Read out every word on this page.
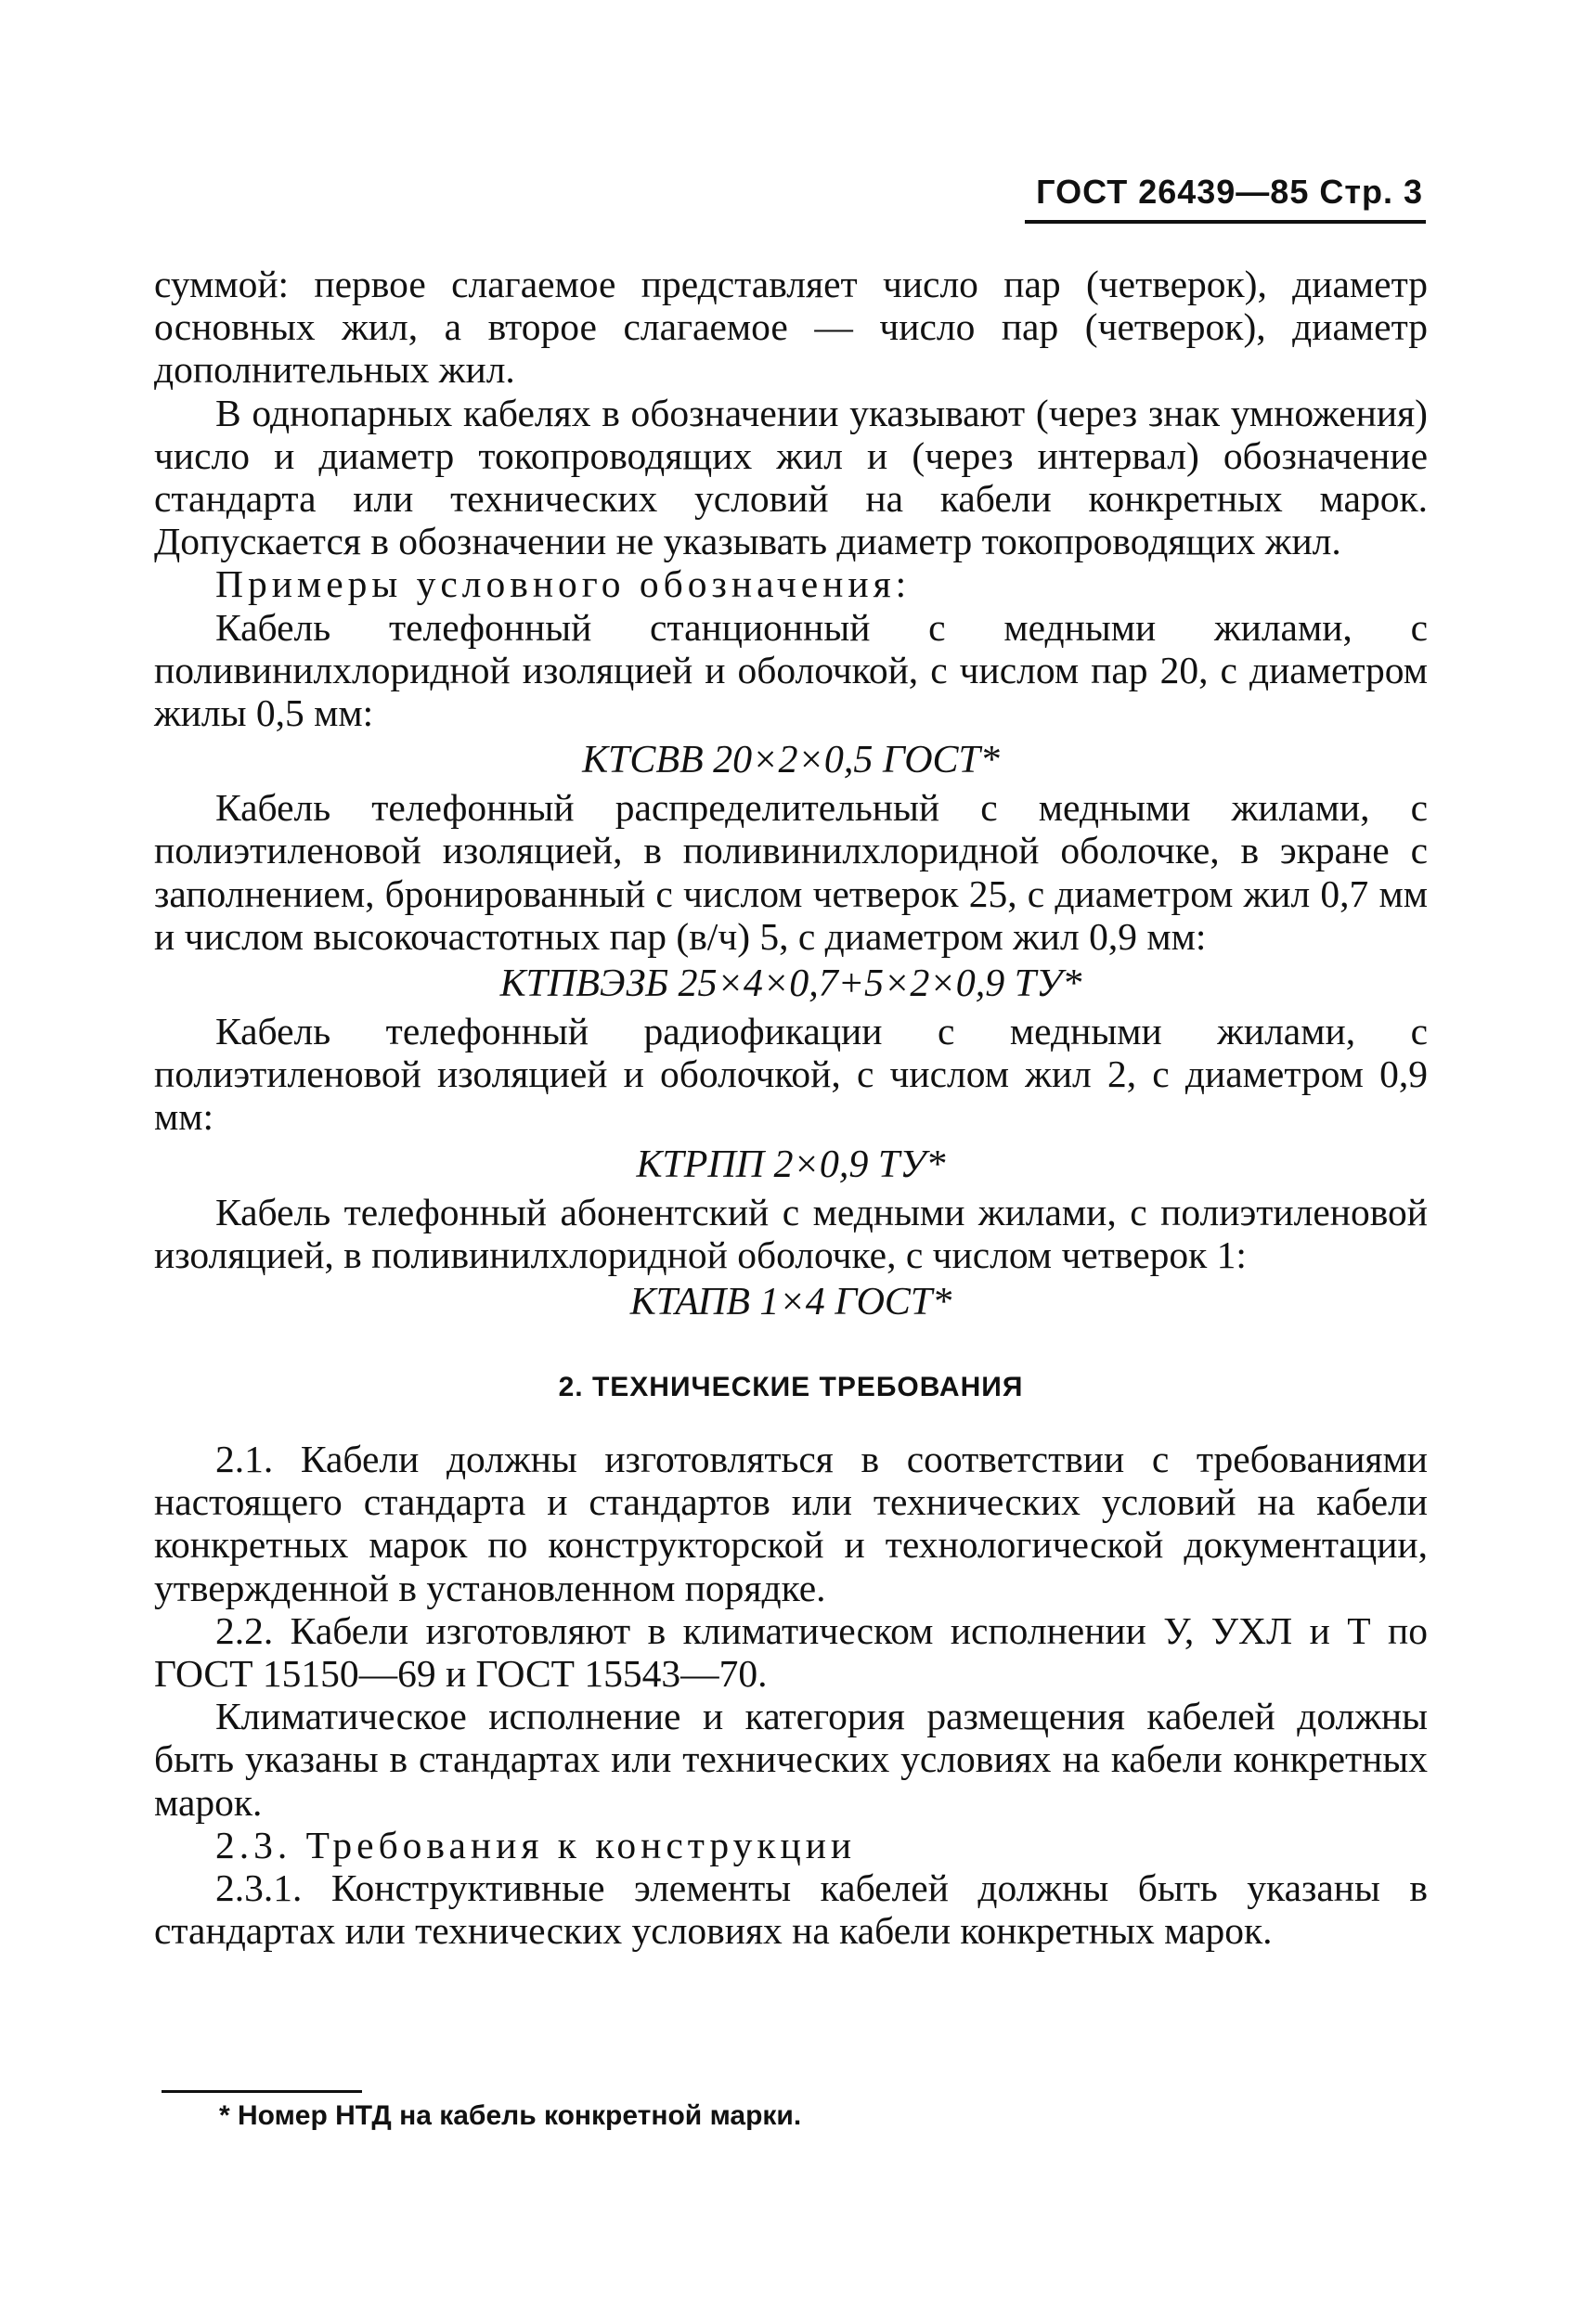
ГОСТ 26439—85 Стр. 3

суммой: первое слагаемое представляет число пар (четверок), диаметр основных жил, а второе слагаемое — число пар (четверок), диаметр дополнительных жил.

В однопарных кабелях в обозначении указывают (через знак умножения) число и диаметр токопроводящих жил и (через интервал) обозначение стандарта или технических условий на кабели конкретных марок. Допускается в обозначении не указывать диаметр токопроводящих жил.

Примеры условного обозначения:

Кабель телефонный станционный с медными жилами, с поливинилхлоридной изоляцией и оболочкой, с числом пар 20, с диаметром жилы 0,5 мм:

КТСВВ 20×2×0,5 ГОСТ*

Кабель телефонный распределительный с медными жилами, с полиэтиленовой изоляцией, в поливинилхлоридной оболочке, в экране с заполнением, бронированный с числом четверок 25, с диаметром жил 0,7 мм и числом высокочастотных пар (в/ч) 5, с диаметром жил 0,9 мм:

КТПВЭЗБ 25×4×0,7+5×2×0,9 ТУ*

Кабель телефонный радиофикации с медными жилами, с полиэтиленовой изоляцией и оболочкой, с числом жил 2, с диаметром 0,9 мм:

КТРПП 2×0,9 ТУ*

Кабель телефонный абонентский с медными жилами, с полиэтиленовой изоляцией, в поливинилхлоридной оболочке, с числом четверок 1:

КТАПВ 1×4 ГОСТ*

2. ТЕХНИЧЕСКИЕ ТРЕБОВАНИЯ

2.1. Кабели должны изготовляться в соответствии с требованиями настоящего стандарта и стандартов или технических условий на кабели конкретных марок по конструкторской и технологической документации, утвержденной в установленном порядке.

2.2. Кабели изготовляют в климатическом исполнении У, УХЛ и Т по ГОСТ 15150—69 и ГОСТ 15543—70.

Климатическое исполнение и категория размещения кабелей должны быть указаны в стандартах или технических условиях на кабели конкретных марок.

2.3. Требования к конструкции

2.3.1. Конструктивные элементы кабелей должны быть указаны в стандартах или технических условиях на кабели конкретных марок.

* Номер НТД на кабель конкретной марки.
